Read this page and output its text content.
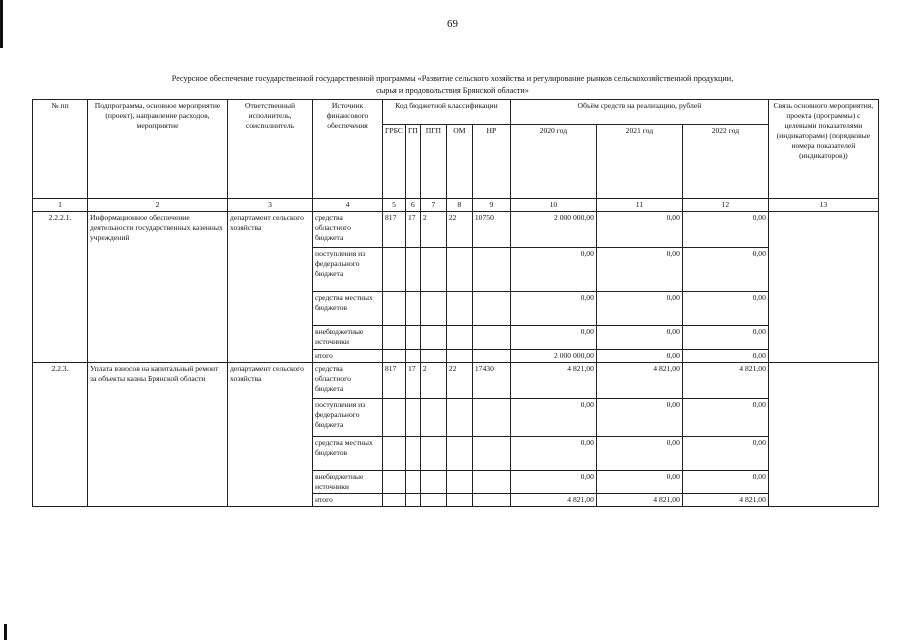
69
Ресурсное обеспечение государственной государственной программы «Развитие сельского хозяйства и регулирование рынков сельскохозяйственной продукции,
сырья и продовольствия Брянской области»
№ пп	Подпрограмма, основное мероприятие (проект), направление расходов, мероприятие	Ответственный исполнитель, соисполнитель	Источник финансового обеспечения	Код бюджетной классификации					Объём средств на реализацию, рублей			Связь основного мероприятия, проекта (программы) с целевыми показателями (индикаторами) (порядковые номера показателей (индикаторов))
				ГРБС	ГП	ПГП	ОМ	НР	2020 год	2021 год	2022 год	
1	2	3	4	5	6	7	8	9	10	11	12	13
2.2.2.1.	Информационное обеспечение деятельности государственных казенных учреждений	департамент сельского хозяйства	средства областного бюджета	817	17	2	22	10750	2 000 000,00	0,00	0,00	
			поступления из федерального бюджета						0,00	0,00	0,00	
			средства местных бюджетов						0,00	0,00	0,00	
			внебюджетные источники						0,00	0,00	0,00	
			итого						2 000 000,00	0,00	0,00	
2.2.3.	Уплата взносов на капитальный ремонт за объекты казны Брянской области	департамент сельского хозяйства	средства областного бюджета	817	17	2	22	17430	4 821,00	4 821,00	4 821,00	
			поступления из федерального бюджета						0,00	0,00	0,00	
			средства местных бюджетов						0,00	0,00	0,00	
			внебюджетные источники						0,00	0,00	0,00	
			итого						4 821,00	4 821,00	4 821,00	
